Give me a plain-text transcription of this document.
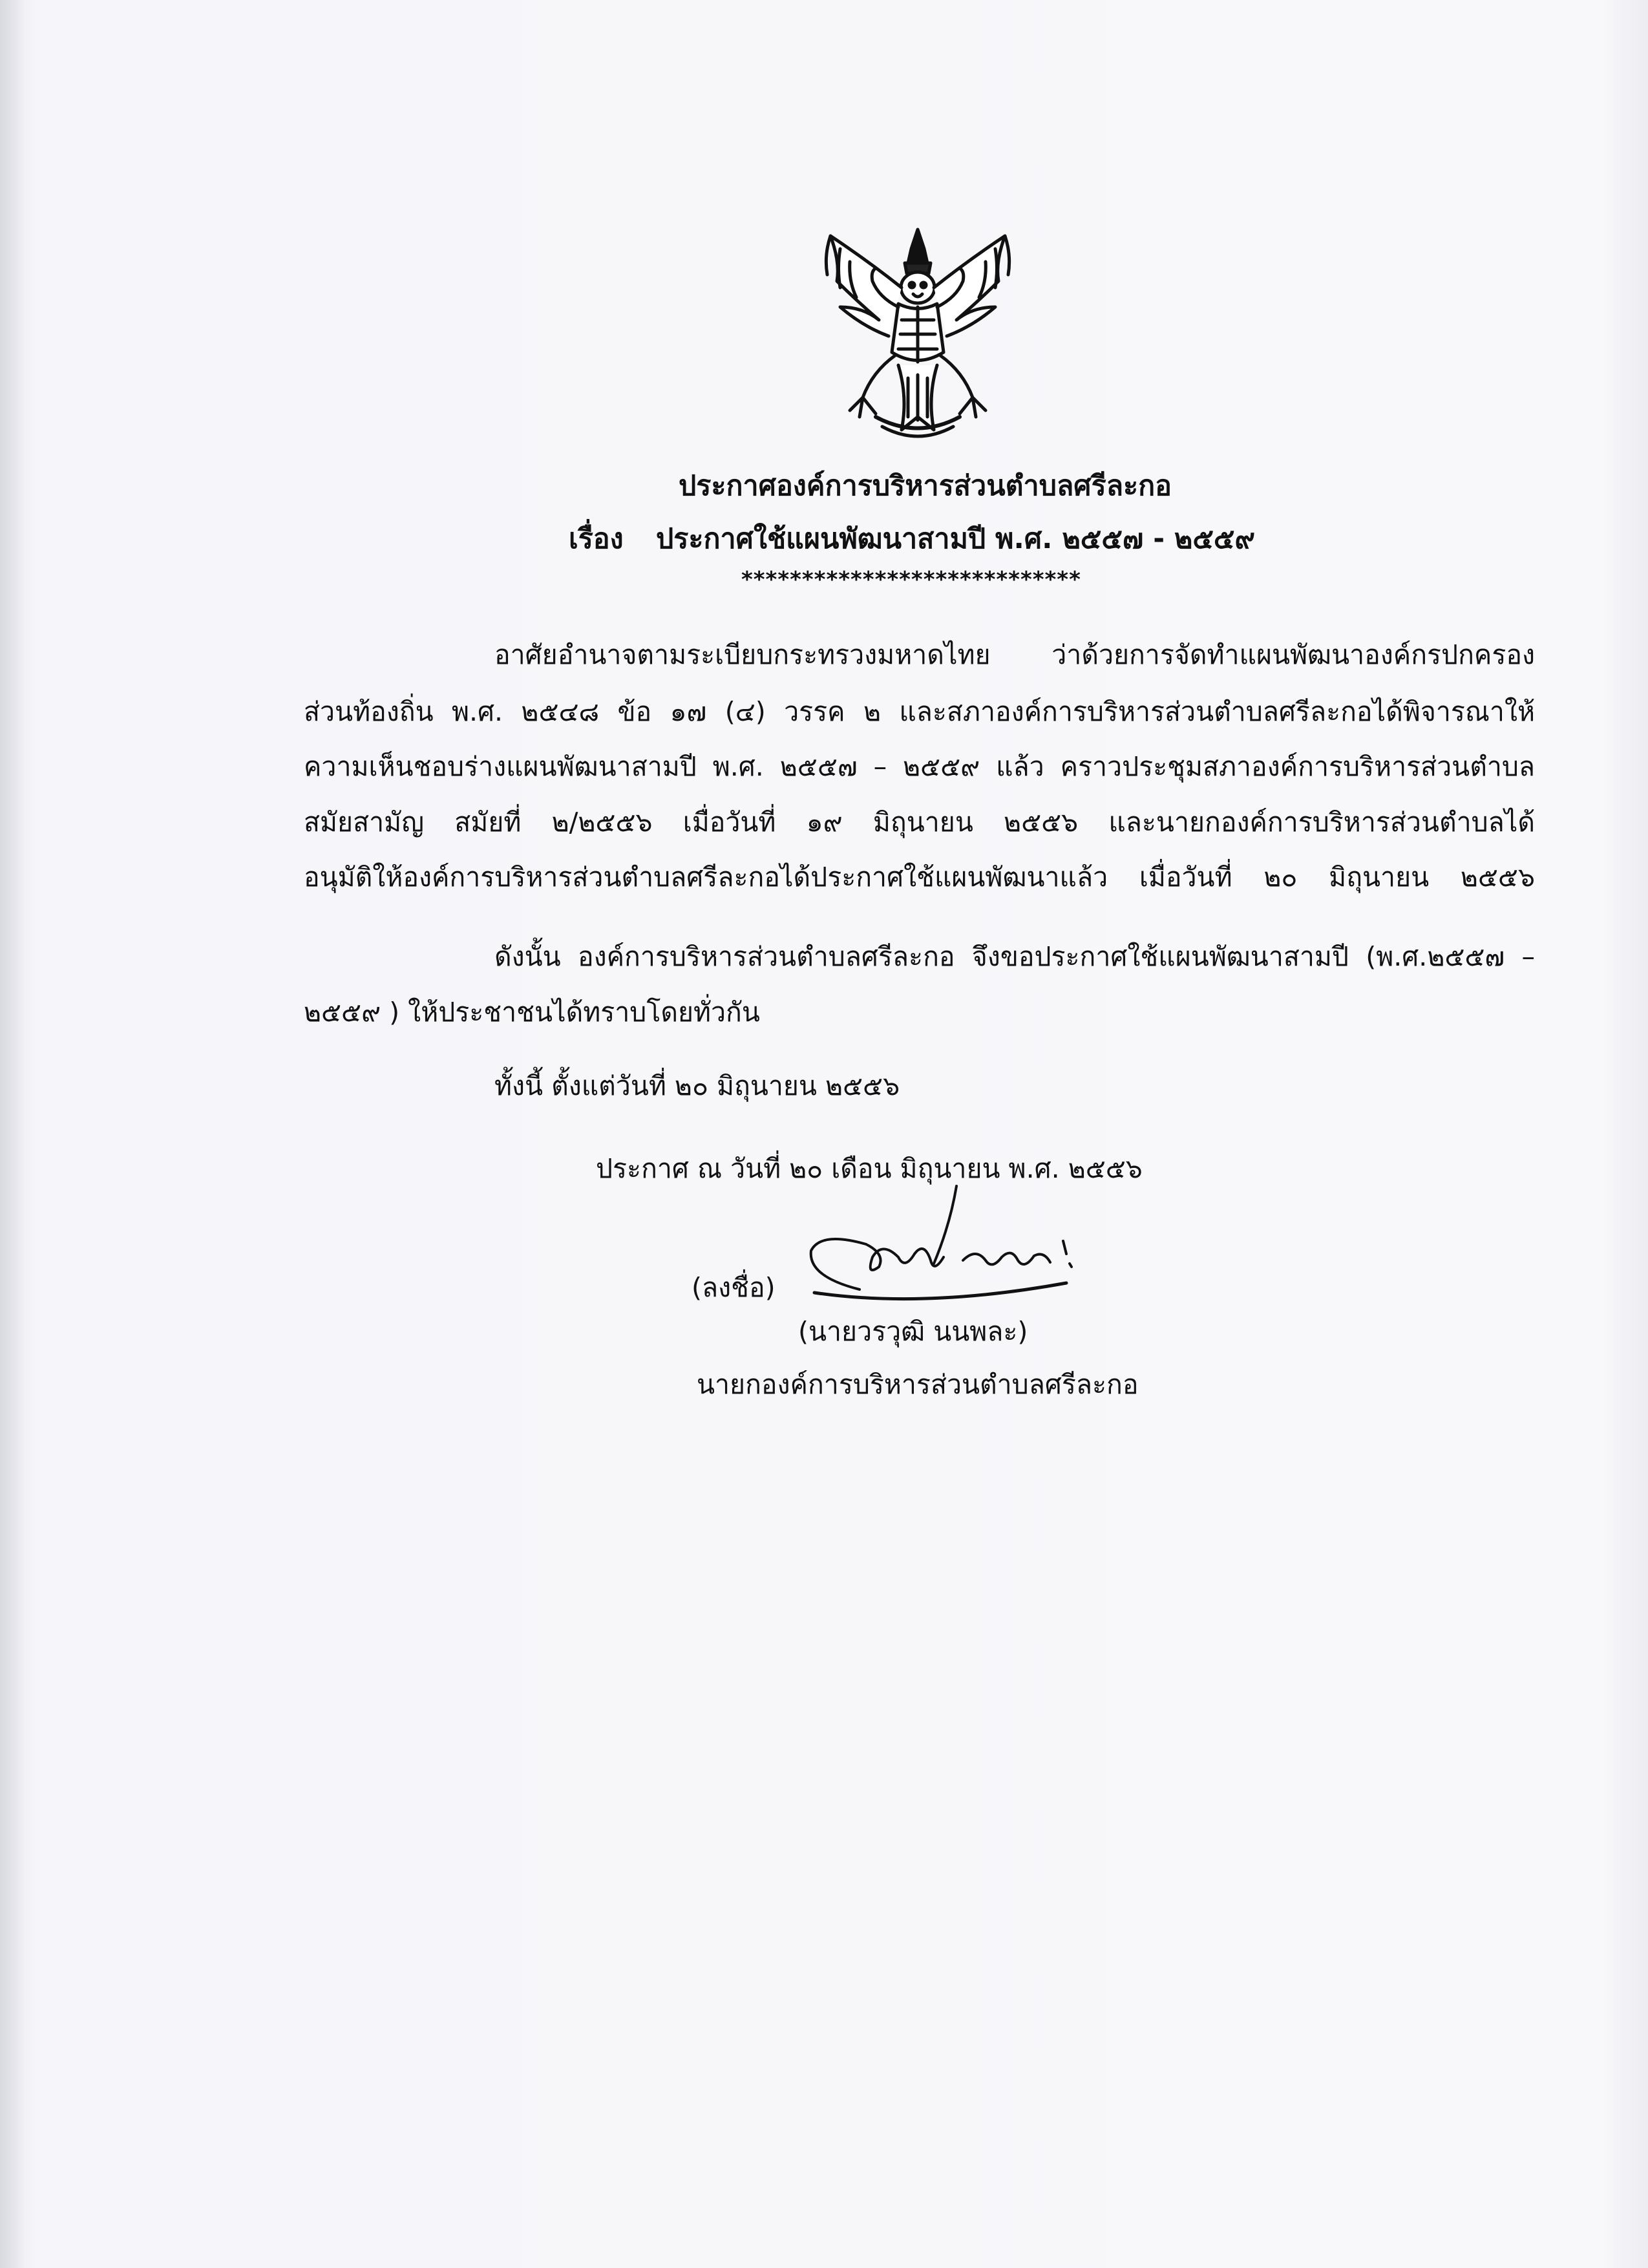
ประกาศองค์การบริหารส่วนตำบลศรีละกอ
เรื่อง ประกาศใช้แผนพัฒนาสามปี พ.ศ. ๒๕๕๗ - ๒๕๕๙
****************************
อาศัยอำนาจตามระเบียบกระทรวงมหาดไทย ว่าด้วยการจัดทำแผนพัฒนาองค์กรปกครอง
ส่วนท้องถิ่น พ.ศ. ๒๕๔๘ ข้อ ๑๗ (๔) วรรค ๒ และสภาองค์การบริหารส่วนตำบลศรีละกอได้พิจารณาให้
ความเห็นชอบร่างแผนพัฒนาสามปี พ.ศ. ๒๕๕๗ – ๒๕๕๙ แล้ว คราวประชุมสภาองค์การบริหารส่วนตำบล
สมัยสามัญ สมัยที่ ๒/๒๕๕๖ เมื่อวันที่ ๑๙ มิถุนายน ๒๕๕๖ และนายกองค์การบริหารส่วนตำบลได้
อนุมัติให้องค์การบริหารส่วนตำบลศรีละกอได้ประกาศใช้แผนพัฒนาแล้ว เมื่อวันที่ ๒๐ มิถุนายน ๒๕๕๖
ดังนั้น องค์การบริหารส่วนตำบลศรีละกอ จึงขอประกาศใช้แผนพัฒนาสามปี (พ.ศ.๒๕๕๗ –
๒๕๕๙ ) ให้ประชาชนได้ทราบโดยทั่วกัน
ทั้งนี้ ตั้งแต่วันที่ ๒๐ มิถุนายน ๒๕๕๖
ประกาศ ณ วันที่ ๒๐ เดือน มิถุนายน พ.ศ. ๒๕๕๖
(ลงชื่อ)
(นายวรวุฒิ นนพละ)
นายกองค์การบริหารส่วนตำบลศรีละกอ
